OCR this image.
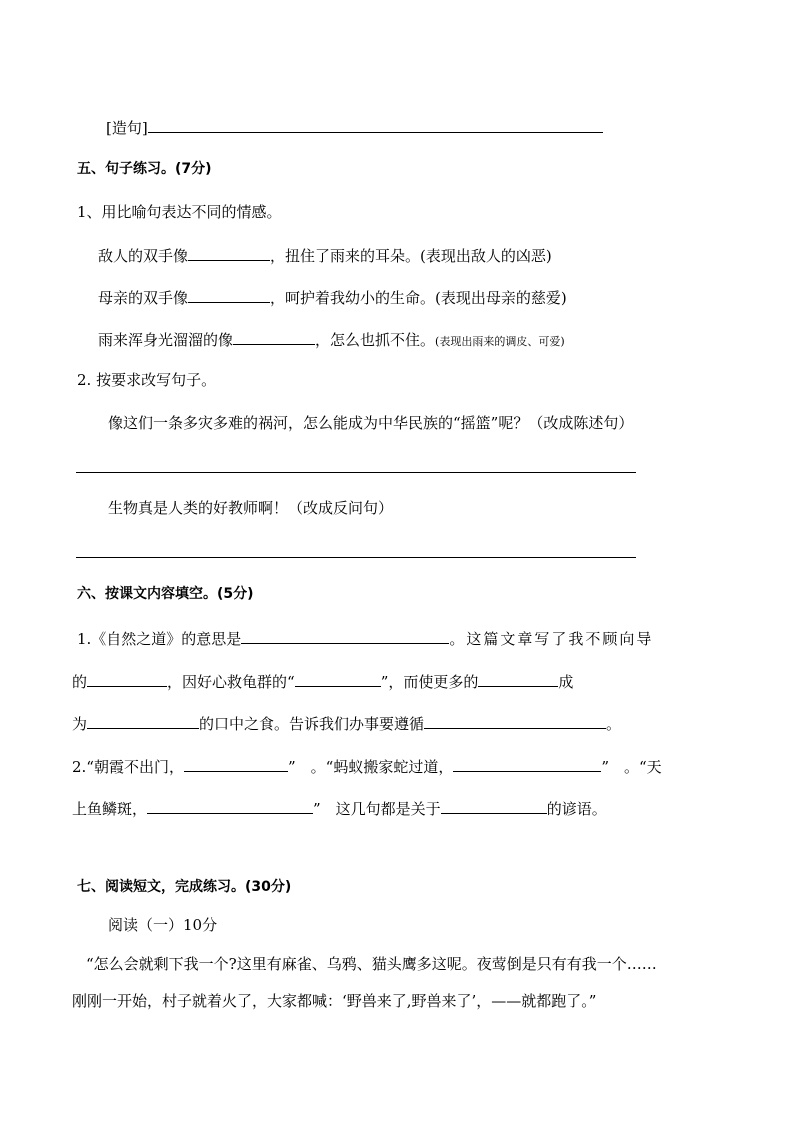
[造句]
五、句子练习。(7分)
1、用比喻句表达不同的情感。
敌人的双手像	，扭住了雨来的耳朵。(表现出敌人的凶恶)
母亲的双手像	，呵护着我幼小的生命。(表现出母亲的慈爱)
雨来浑身光溜溜的像	，怎么也抓不住。(表现出雨来的调皮、可爱)
2. 按要求改写句子。
像这们一条多灾多难的祸河，怎么能成为中华民族的“摇篮”呢？（改成陈述句）
生物真是人类的好教师啊！（改成反问句）
六、按课文内容填空。(5分)
1.《自然之道》的意思是	。这篇文章写了我不顾向导
的	，因好心救龟群的“	”，而使更多的	成
为	的口中之食。告诉我们办事要遵循	。
2.“朝霞不出门，	”　。“蚂蚁搬家蛇过道，	”　。“天
上鱼鳞斑，	”　这几句都是关于	的谚语。
七、阅读短文，完成练习。(30分)
阅读（一）10分
“怎么会就剩下我一个?这里有麻雀、乌鸦、猫头鹰多这呢。夜莺倒是只有有我一个……
刚刚一开始，村子就着火了，大家都喊：‘野兽来了,野兽来了’，——就都跑了。”
